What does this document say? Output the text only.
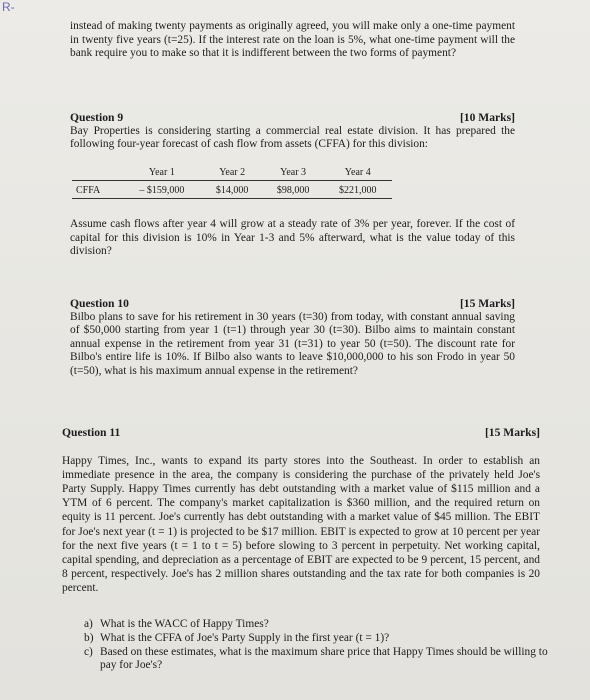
R-
instead of making twenty payments as originally agreed, you will make only a one-time payment in twenty five years (t=25). If the interest rate on the loan is 5%, what one-time payment will the bank require you to make so that it is indifferent between the two forms of payment?
Question 9	[10 Marks]
Bay Properties is considering starting a commercial real estate division. It has prepared the following four-year forecast of cash flow from assets (CFFA) for this division:
	Year 1	Year 2	Year 3	Year 4
CFFA	– $159,000	$14,000	$98,000	$221,000
Assume cash flows after year 4 will grow at a steady rate of 3% per year, forever. If the cost of capital for this division is 10% in Year 1-3 and 5% afterward, what is the value today of this division?
Question 10	[15 Marks]
Bilbo plans to save for his retirement in 30 years (t=30) from today, with constant annual saving of $50,000 starting from year 1 (t=1) through year 30 (t=30). Bilbo aims to maintain constant annual expense in the retirement from year 31 (t=31) to year 50 (t=50). The discount rate for Bilbo's entire life is 10%. If Bilbo also wants to leave $10,000,000 to his son Frodo in year 50 (t=50), what is his maximum annual expense in the retirement?
Question 11	[15 Marks]
Happy Times, Inc., wants to expand its party stores into the Southeast. In order to establish an immediate presence in the area, the company is considering the purchase of the privately held Joe's Party Supply. Happy Times currently has debt outstanding with a market value of $115 million and a YTM of 6 percent. The company's market capitalization is $360 million, and the required return on equity is 11 percent. Joe's currently has debt outstanding with a market value of $45 million. The EBIT for Joe's next year (t = 1) is projected to be $17 million. EBIT is expected to grow at 10 percent per year for the next five years (t = 1 to t = 5) before slowing to 3 percent in perpetuity. Net working capital, capital spending, and depreciation as a percentage of EBIT are expected to be 9 percent, 15 percent, and 8 percent, respectively. Joe's has 2 million shares outstanding and the tax rate for both companies is 20 percent.
a) What is the WACC of Happy Times?
b) What is the CFFA of Joe's Party Supply in the first year (t = 1)?
c) Based on these estimates, what is the maximum share price that Happy Times should be willing to pay for Joe's?
